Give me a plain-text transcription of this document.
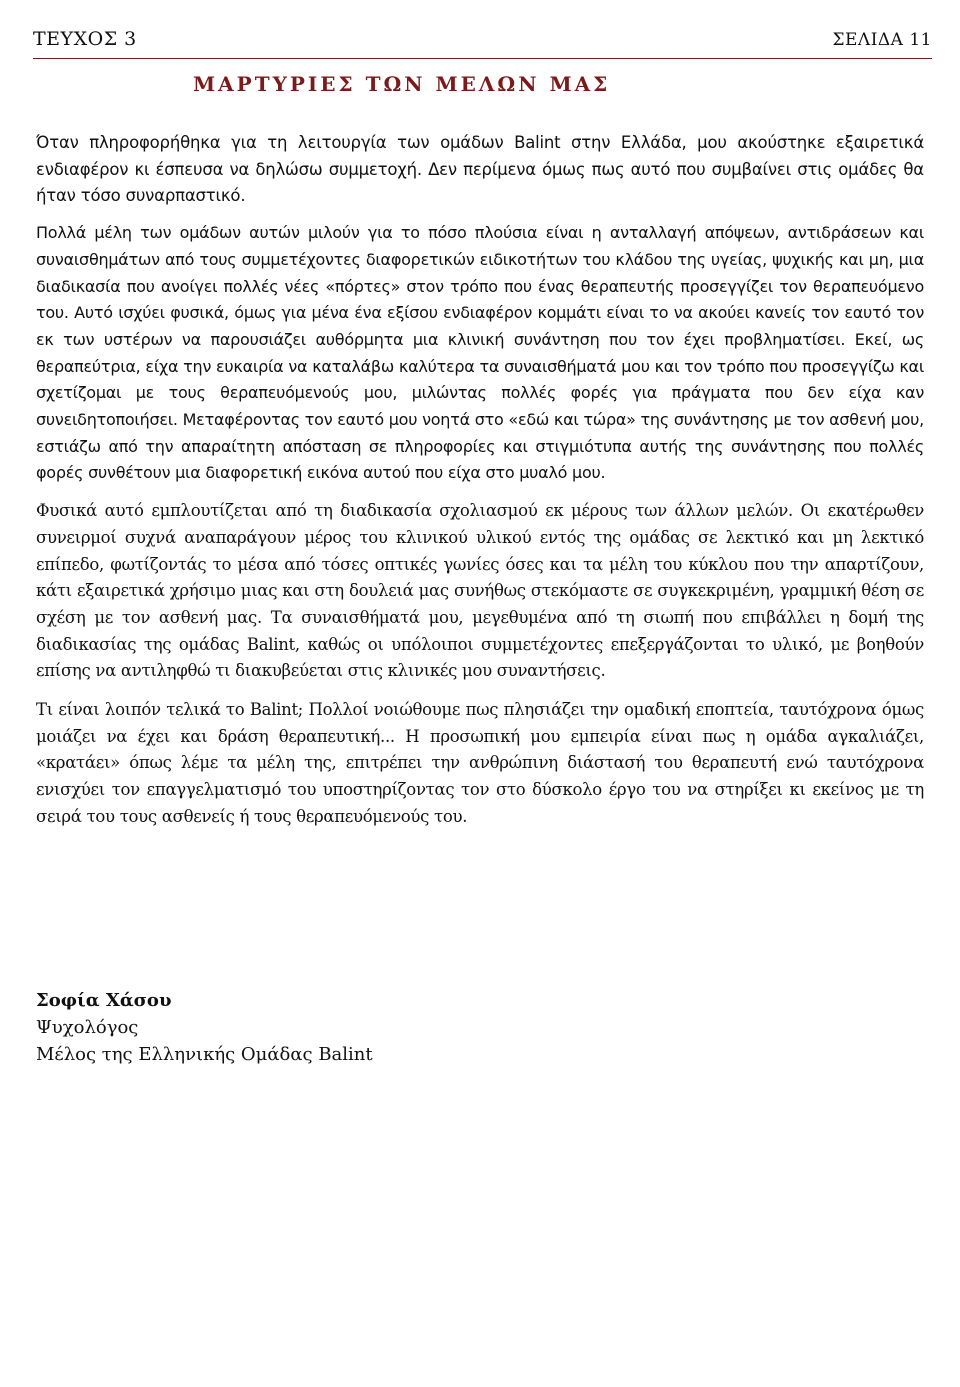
ΤΕΥΧΟΣ 3	ΣΕΛΙΔΑ 11
ΜΑΡΤΥΡΙΕΣ ΤΩΝ ΜΕΛΩΝ ΜΑΣ

Όταν πληροφορήθηκα για τη λειτουργία των ομάδων Balint στην Ελλάδα, μου ακούστηκε εξαιρετικά ενδιαφέρον κι έσπευσα να δηλώσω συμμετοχή. Δεν περίμενα όμως πως αυτό που συμβαίνει στις ομάδες θα ήταν τόσο συναρπαστικό.

Πολλά μέλη των ομάδων αυτών μιλούν για το πόσο πλούσια είναι η ανταλλαγή απόψεων, αντιδράσεων και συναισθημάτων από τους συμμετέχοντες διαφορετικών ειδικοτήτων του κλάδου της υγείας, ψυχικής και μη, μια διαδικασία που ανοίγει πολλές νέες «πόρτες» στον τρόπο που ένας θεραπευτής προσεγγίζει τον θεραπευόμενο του. Αυτό ισχύει φυσικά, όμως για μένα ένα εξίσου ενδιαφέρον κομμάτι είναι το να ακούει κανείς τον εαυτό τον εκ των υστέρων να παρουσιάζει αυθόρμητα μια κλινική συνάντηση που τον έχει προβληματίσει. Εκεί, ως θεραπεύτρια, είχα την ευκαιρία να καταλάβω καλύτερα τα συναισθήματά μου και τον τρόπο που προσεγγίζω και σχετίζομαι με τους θεραπευόμενούς μου, μιλώντας πολλές φορές για πράγματα που δεν είχα καν συνειδητοποιήσει. Μεταφέροντας τον εαυτό μου νοητά στο «εδώ και τώρα» της συνάντησης με τον ασθενή μου, εστιάζω από την απαραίτητη απόσταση σε πληροφορίες και στιγμιότυπα αυτής της συνάντησης που πολλές φορές συνθέτουν μια διαφορετική εικόνα αυτού που είχα στο μυαλό μου.

Φυσικά αυτό εμπλουτίζεται από τη διαδικασία σχολιασμού εκ μέρους των άλλων μελών. Οι εκατέρωθεν συνειρμοί συχνά αναπαράγουν μέρος του κλινικού υλικού εντός της ομάδας σε λεκτικό και μη λεκτικό επίπεδο, φωτίζοντάς το μέσα από τόσες οπτικές γωνίες όσες και τα μέλη του κύκλου που την απαρτίζουν, κάτι εξαιρετικά χρήσιμο μιας και στη δουλειά μας συνήθως στεκόμαστε σε συγκεκριμένη, γραμμική θέση σε σχέση με τον ασθενή μας. Τα συναισθήματά μου, μεγεθυμένα από τη σιωπή που επιβάλλει η δομή της διαδικασίας της ομάδας Balint, καθώς οι υπόλοιποι συμμετέχοντες επεξεργάζονται το υλικό, με βοηθούν επίσης να αντιληφθώ τι διακυβεύεται στις κλινικές μου συναντήσεις.

Τι είναι λοιπόν τελικά το Balint; Πολλοί νοιώθουμε πως πλησιάζει την ομαδική εποπτεία, ταυτόχρονα όμως μοιάζει να έχει και δράση θεραπευτική... Η προσωπική μου εμπειρία είναι πως η ομάδα αγκαλιάζει, «κρατάει» όπως λέμε τα μέλη της, επιτρέπει την ανθρώπινη διάστασή του θεραπευτή ενώ ταυτόχρονα ενισχύει τον επαγγελματισμό του υποστηρίζοντας τον στο δύσκολο έργο του να στηρίξει κι εκείνος με τη σειρά του τους ασθενείς ή τους θεραπευόμενούς του.

Σοφία Χάσου
Ψυχολόγος
Μέλος της Ελληνικής Ομάδας Balint
